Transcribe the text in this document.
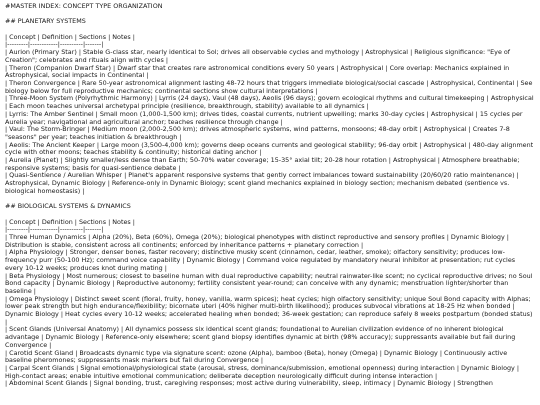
#MASTER INDEX: CONCEPT TYPE ORGANIZATION
## PLANETARY SYSTEMS
| Concept | Definition | Sections | Notes |
|---------|------------|----------|-------|
| Aurion (Primary Star) | Stable G-class star, nearly identical to Sol; drives all observable cycles and mythology | Astrophysical | Religious significance: "Eye of Creation"; celebrates and rituals align with cycles |
| Theron (Companion Dwarf Star) | Dwarf star that creates rare astronomical conditions every 50 years | Astrophysical | Core overlap: Mechanics explained in Astrophysical, social impacts in Continental |
| Theron Convergence | Rare 50-year astronomical alignment lasting 48-72 hours that triggers immediate biological/social cascade | Astrophysical, Continental | See biology below for full reproductive mechanics; continental sections show cultural interpretations |
| Three-Moon System (Polyrhythmic Harmony) | Lyrris (24 days), Vaul (48 days), Aeolis (96 days); govern ecological rhythms and cultural timekeeping | Astrophysical | Each moon teaches universal archetypal principle (resilience, breakthrough, stability) available to all dynamics |
| Lyrris: The Amber Sentinel | Small moon (1,000-1,500 km); drives tides, coastal currents, nutrient upwelling; marks 30-day cycles | Astrophysical | 15 cycles per Aurelia year; navigational and agricultural anchor; teaches resilience through change |
| Vaul: The Storm-Bringer | Medium moon (2,000-2,500 km); drives atmospheric systems, wind patterns, monsoons; 48-day orbit | Astrophysical | Creates 7-8 "seasons" per year; teaches initiation & breakthrough |
| Aeolis: The Ancient Keeper | Large moon (3,500-4,000 km); governs deep oceans currents and geological stability; 96-day orbit | Astrophysical | 480-day alignment cycle with other moons; teaches stability & continuity; historical dating anchor |
| Aurelia (Planet) | Slightly smaller/less dense than Earth; 50-70% water coverage; 15-35° axial tilt; 20-28 hour rotation | Astrophysical | Atmosphere breathable; responsive systems; basis for quasi-sentience debate |
| Quasi-Sentience / Aurelian Whisper | Planet's apparent responsive systems that gently correct imbalances toward sustainability (20/60/20 ratio maintenance) | Astrophysical, Dynamic Biology | Reference-only in Dynamic Biology; scent gland mechanics explained in biology section; mechanism debated (sentience vs. biological homeostasis) |
## BIOLOGICAL SYSTEMS & DYNAMICS
| Concept | Definition | Sections | Notes |
|---------|------------|----------|-------|
| Three Human Dynamics | Alpha (20%), Beta (60%), Omega (20%); biological phenotypes with distinct reproductive and sensory profiles | Dynamic Biology | Distribution is stable, consistent across all continents; enforced by inheritance patterns + planetary correction |
| Alpha Physiology | Stronger, denser bones, faster recovery; distinctive musky scent (cinnamon, cedar, leather, smoke); olfactory sensitivity; produces low-frequency purr (50-100 Hz); command voice capability | Dynamic Biology | Command voice regulated by mandatory neural inhibitor at presentation; rut cycles every 10-12 weeks; produces knot during mating |
| Beta Physiology | Most numerous; closest to baseline human with dual reproductive capability; neutral rainwater-like scent; no cyclical reproductive drives; no Soul Bond capacity | Dynamic Biology | Reproductive autonomy; fertility consistent year-round; can conceive with any dynamic; menstruation lighter/shorter than baseline |
| Omega Physiology | Distinct sweet scent (floral, fruity, honey, vanilla, warm spices); heat cycles; high olfactory sensitivity; unique Soul Bond capacity with Alphas; lower peak strength but high endurance/flexibility; bicornate uteri (40% higher multi-birth likelihood); produces subvocal vibrations at 18-25 Hz when bonded | Dynamic Biology | Heat cycles every 10-12 weeks; accelerated healing when bonded; 36-week gestation; can reproduce safely 8 weeks postpartum (bonded status) |
| Scent Glands (Universal Anatomy) | All dynamics possess six identical scent glands; foundational to Aurelian civilization evidence of no inherent biological advantage | Dynamic Biology | Reference-only elsewhere; scent gland biopsy identifies dynamic at birth (98% accuracy); suppressants available but fail during Convergence |
| Carotid Scent Gland | Broadcasts dynamic type via signature scent: ozone (Alpha), bamboo (Beta), honey (Omega) | Dynamic Biology | Continuously active baseline pheromones; suppressants mask markers but fail during Convergence |
| Carpal Scent Glands | Signal emotional/physiological state (arousal, stress, dominance/submission, emotional openness) during interaction | Dynamic Biology | High-contact areas; enable intuitive emotional communication; deliberate deception neurologically difficult during intense interaction |
| Abdominal Scent Glands | Signal bonding, trust, caregiving responses; most active during vulnerability, sleep, intimacy | Dynamic Biology | Strengthen
